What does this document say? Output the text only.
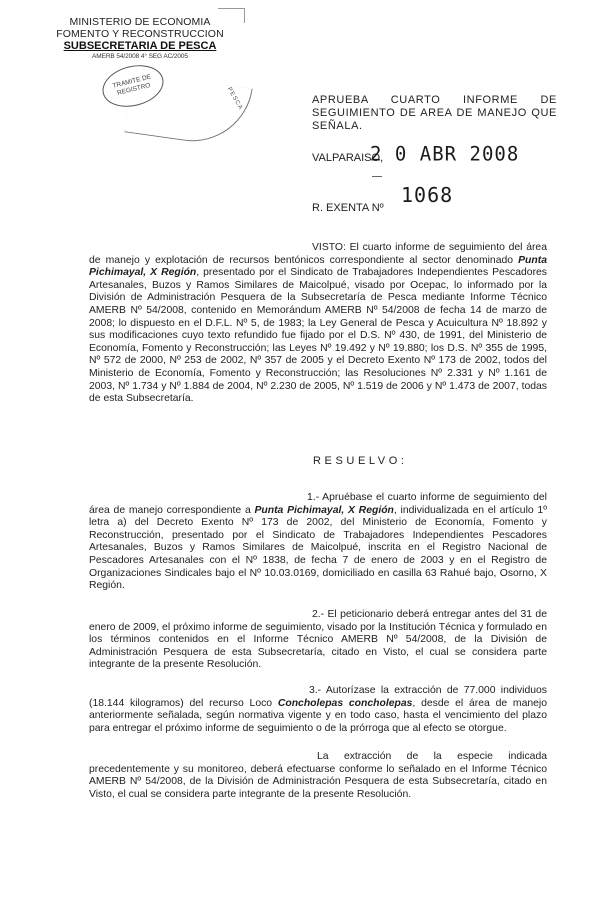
MINISTERIO DE ECONOMIA
FOMENTO Y RECONSTRUCCION
SUBSECRETARIA DE PESCA
AMERB 54/2008 4° SEG AC/2005
TRAMITE DE REGISTRO	PESCA	APRUEBA CUARTO INFORME DE SEGUIMIENTO DE AREA DE MANEJO QUE SEÑALA.
VALPARAISO,
2 0 ABR 2008
R. EXENTA Nº
1068
VISTO: El cuarto informe de seguimiento del área de manejo y explotación de recursos bentónicos correspondiente al sector denominado Punta Pichimayal, X Región, presentado por el Sindicato de Trabajadores Independientes Pescadores Artesanales, Buzos y Ramos Similares de Maicolpué, visado por Ocepac, lo informado por la División de Administración Pesquera de la Subsecretaría de Pesca mediante Informe Técnico AMERB Nº 54/2008, contenido en Memorándum AMERB Nº 54/2008 de fecha 14 de marzo de 2008; lo dispuesto en el D.F.L. Nº 5, de 1983; la Ley General de Pesca y Acuicultura Nº 18.892 y sus modificaciones cuyo texto refundido fue fijado por el D.S. Nº 430, de 1991, del Ministerio de Economía, Fomento y Reconstrucción; las Leyes Nº 19.492 y Nº 19.880; los D.S. Nº 355 de 1995, Nº 572 de 2000, Nº 253 de 2002, Nº 357 de 2005 y el Decreto Exento Nº 173 de 2002, todos del Ministerio de Economía, Fomento y Reconstrucción; las Resoluciones Nº 2.331 y Nº 1.161 de 2003, Nº 1.734 y Nº 1.884 de 2004, Nº 2.230 de 2005, Nº 1.519 de 2006 y Nº 1.473 de 2007, todas de esta Subsecretaría.
RESUELVO:
1.- Apruébase el cuarto informe de seguimiento del área de manejo correspondiente a Punta Pichimayal, X Región, individualizada en el artículo 1º letra a) del Decreto Exento Nº 173 de 2002, del Ministerio de Economía, Fomento y Reconstrucción, presentado por el Sindicato de Trabajadores Independientes Pescadores Artesanales, Buzos y Ramos Similares de Maicolpué, inscrita en el Registro Nacional de Pescadores Artesanales con el Nº 1838, de fecha 7 de enero de 2003 y en el Registro de Organizaciones Sindicales bajo el Nº 10.03.0169, domiciliado en casilla 63 Rahué bajo, Osorno, X Región.
2.- El peticionario deberá entregar antes del 31 de enero de 2009, el próximo informe de seguimiento, visado por la Institución Técnica y formulado en los términos contenidos en el Informe Técnico AMERB Nº 54/2008, de la División de Administración Pesquera de esta Subsecretaría, citado en Visto, el cual se considera parte integrante de la presente Resolución.
3.- Autorízase la extracción de 77.000 individuos (18.144 kilogramos) del recurso Loco Concholepas concholepas, desde el área de manejo anteriormente señalada, según normativa vigente y en todo caso, hasta el vencimiento del plazo para entregar el próximo informe de seguimiento o de la prórroga que al efecto se otorgue.
La extracción de la especie indicada precedentemente y su monitoreo, deberá efectuarse conforme lo señalado en el Informe Técnico AMERB Nº 54/2008, de la División de Administración Pesquera de esta Subsecretaría, citado en Visto, el cual se considera parte integrante de la presente Resolución.
